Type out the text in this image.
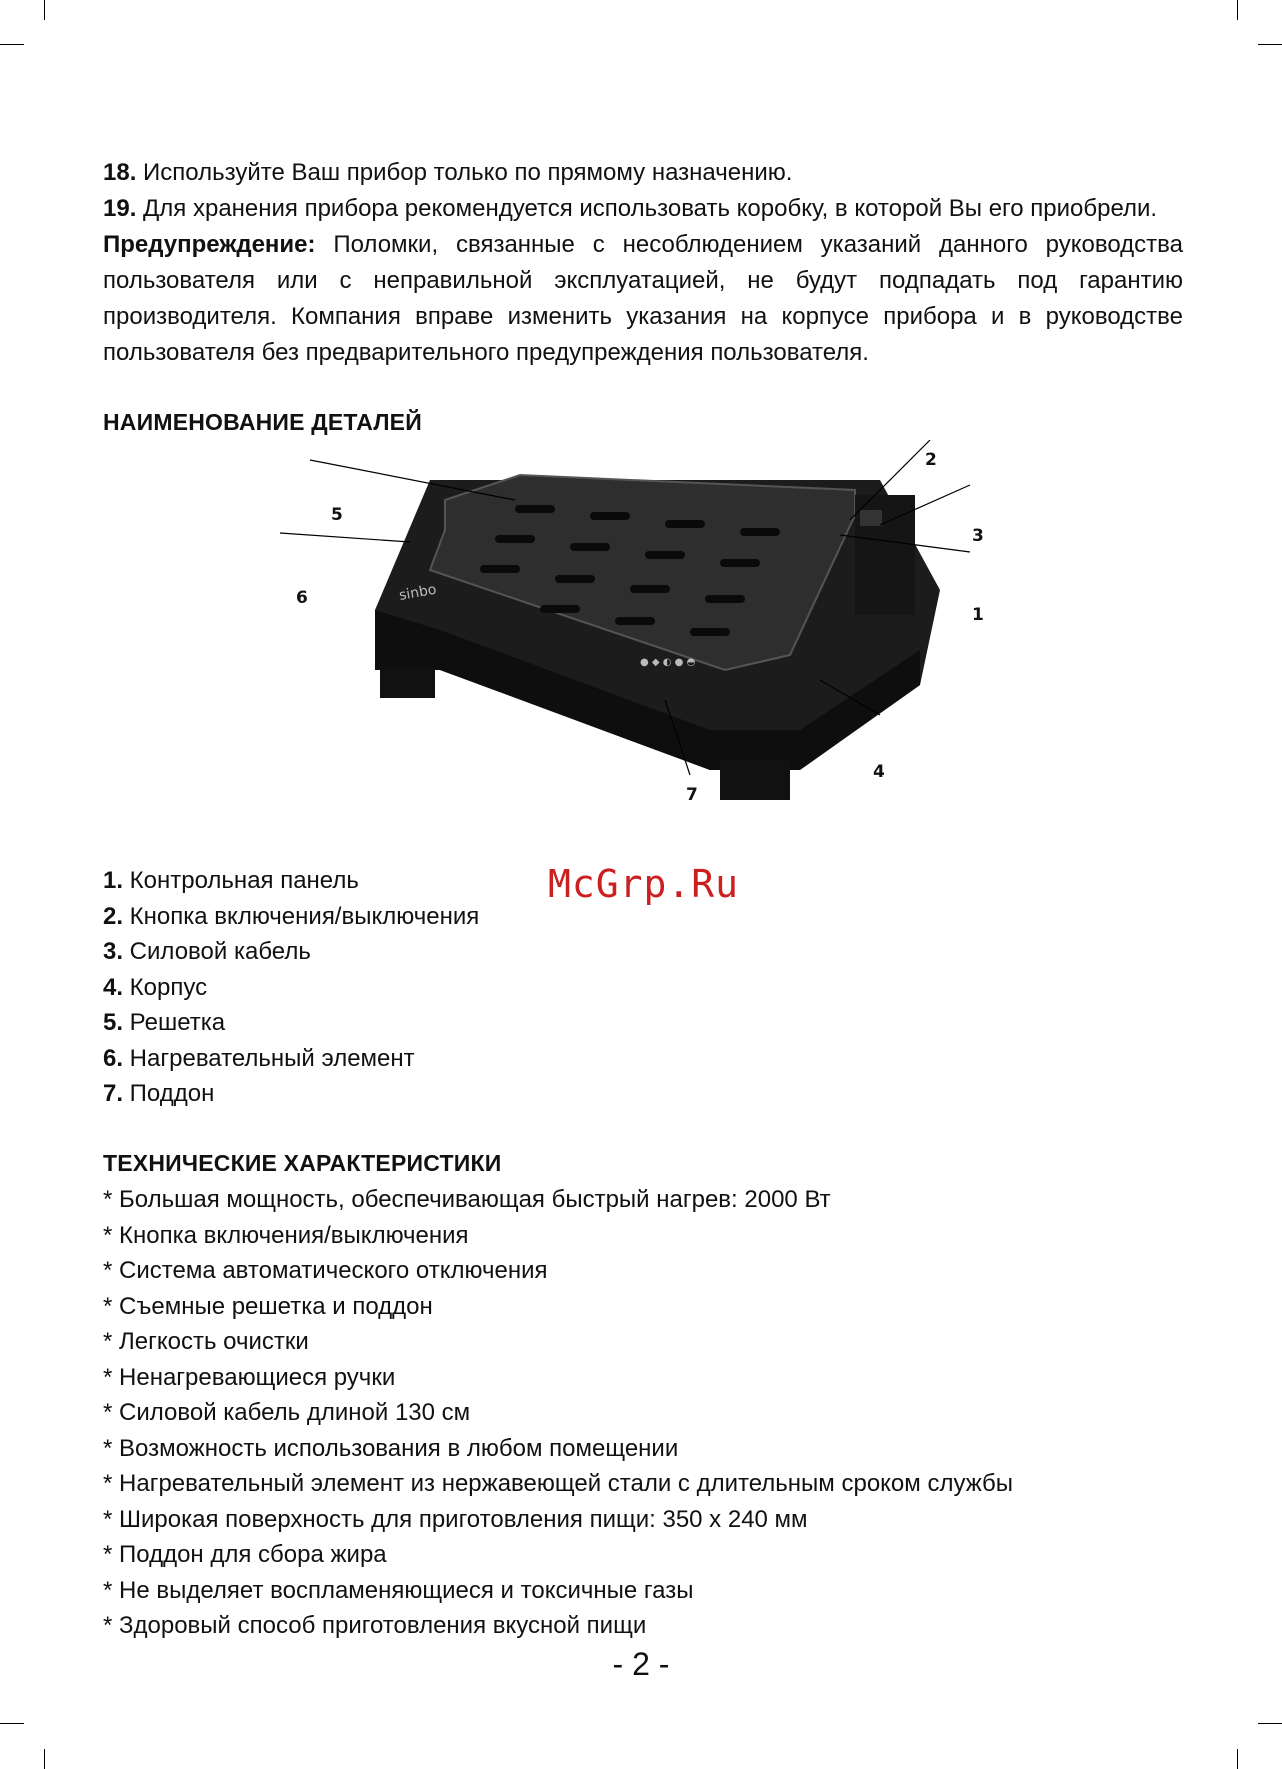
18. Используйте Ваш прибор только по прямому назначению.

19. Для хранения прибора рекомендуется использовать коробку, в которой Вы его приобрели.

Предупреждение: Поломки, связанные с несоблюдением указаний данного руководства пользователя или с неправильной эксплуатацией, не будут подпадать под гарантию производителя. Компания вправе изменить указания на корпусе прибора и в руководстве пользователя без предварительного предупреждения пользователя.

НАИМЕНОВАНИЕ ДЕТАЛЕЙ
sinbo
● ◆ ◐ ● ◓
2
3
5
6
1
4
7
1. Контрольная панель
2. Кнопка включения/выключения
3. Силовой кабель
4. Корпус
5. Решетка
6. Нагревательный элемент
7. Поддон
McGrp.Ru
ТЕХНИЧЕСКИЕ ХАРАКТЕРИСТИКИ
* Большая мощность, обеспечивающая быстрый нагрев: 2000 Вт
* Кнопка включения/выключения
* Система автоматического отключения
* Съемные решетка и поддон
* Легкость очистки
* Ненагревающиеся ручки
* Силовой кабель длиной 130 см
* Возможность использования в любом помещении
* Нагревательный элемент из нержавеющей стали с длительным сроком службы
* Широкая поверхность для приготовления пищи: 350 х 240 мм
* Поддон для сбора жира
* Не выделяет воспламеняющиеся и токсичные газы
* Здоровый способ приготовления вкусной пищи
- 2 -
